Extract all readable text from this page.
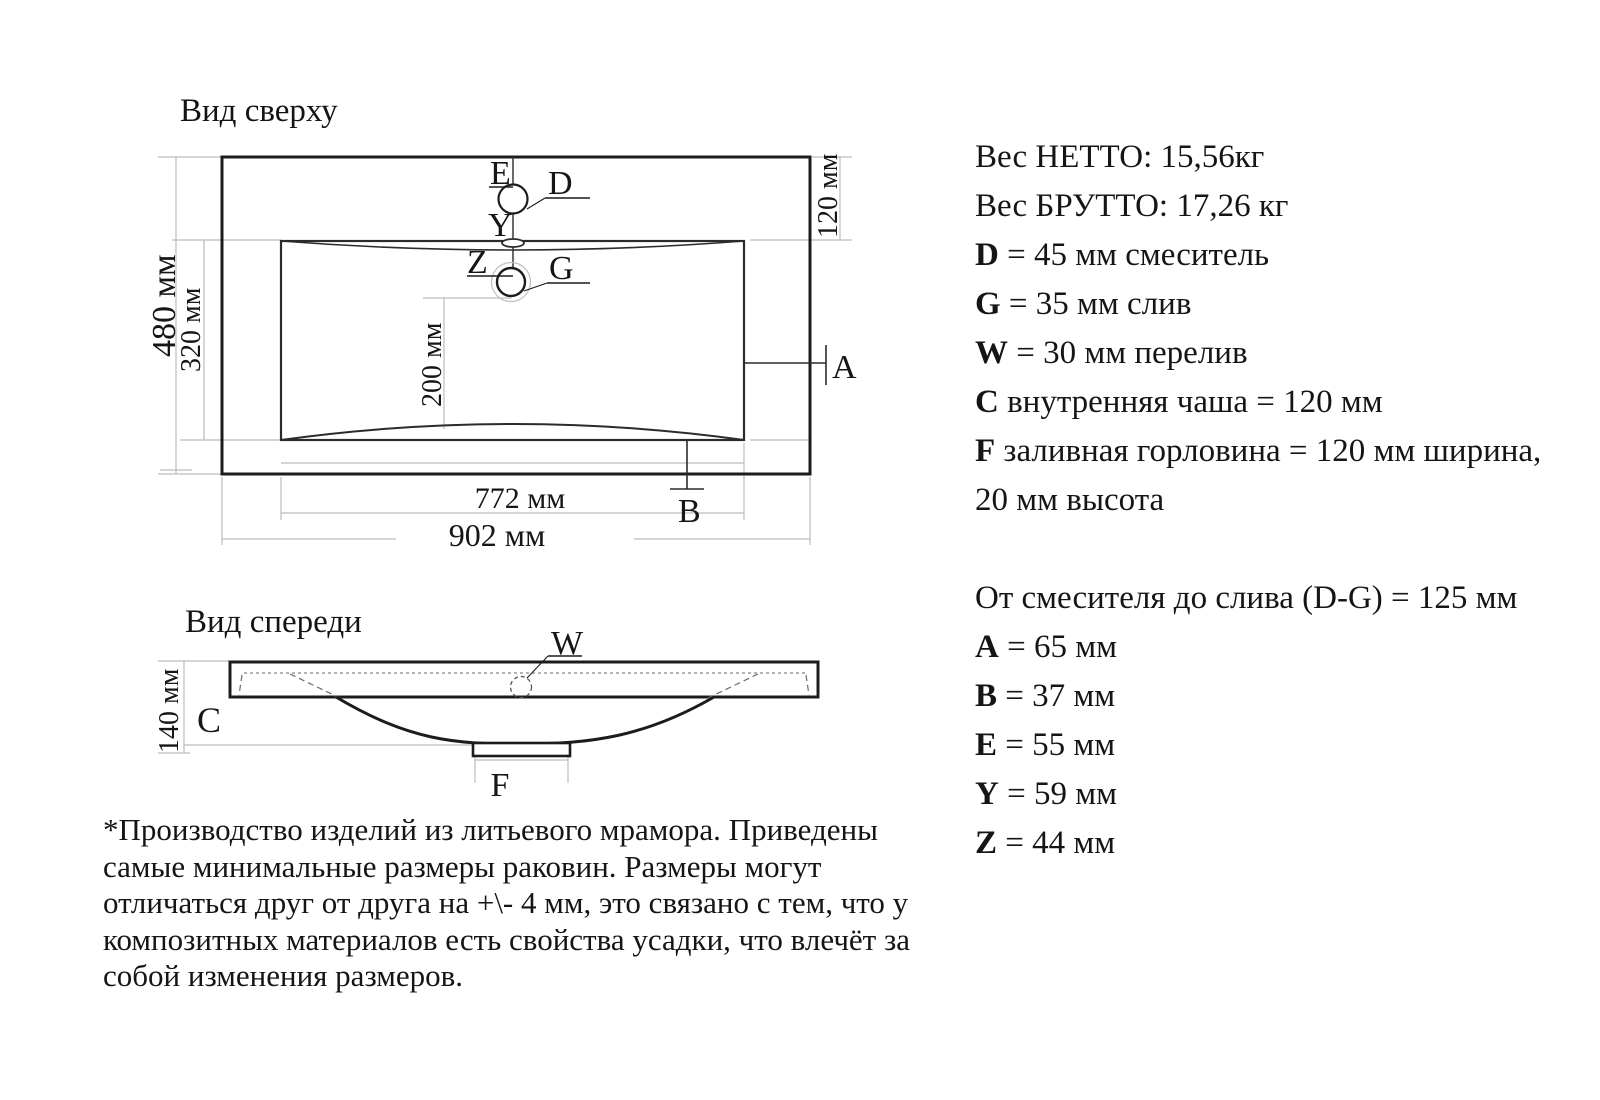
Вид сверху
Вид спереди
E D
Y
Z G
A
B
480 мм
320 мм
120 мм
200 мм
772 мм
902 мм
W
C
F
140 мм
Вес НЕТТО: 15,56кг
Вес БРУТТО: 17,26 кг
D = 45 мм смеситель
G = 35 мм слив
W = 30 мм перелив
C внутренняя чаша = 120 мм
F заливная горловина = 120 мм ширина,
20 мм высота
От смесителя до слива (D-G) = 125 мм
A = 65 мм
B = 37 мм
E = 55 мм
Y = 59 мм
Z = 44 мм
*Производство изделий из литьевого мрамора. Приведены
самые минимальные размеры раковин. Размеры могут
отличаться друг от друга на +\- 4 мм, это связано с тем, что у
композитных материалов есть свойства усадки, что влечёт за
собой изменения размеров.
